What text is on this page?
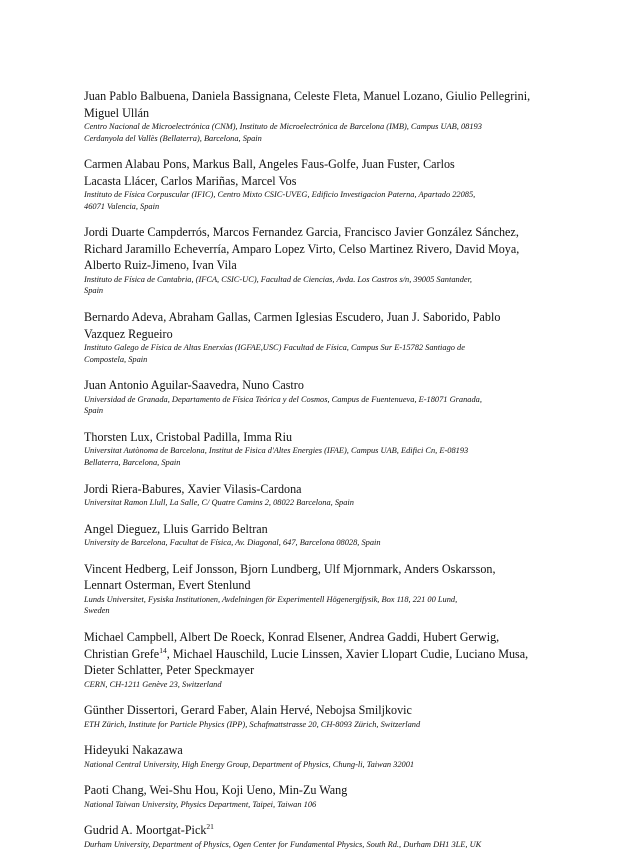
Juan Pablo Balbuena, Daniela Bassignana, Celeste Fleta, Manuel Lozano, Giulio Pellegrini,
Miguel Ullán
Centro Nacional de Microelectrónica (CNM), Instituto de Microelectrónica de Barcelona (IMB), Campus UAB, 08193
Cerdanyola del Vallès (Bellaterra), Barcelona, Spain
Carmen Alabau Pons, Markus Ball, Angeles Faus-Golfe, Juan Fuster, Carlos
Lacasta Llácer, Carlos Mariñas, Marcel Vos
Instituto de Física Corpuscular (IFIC), Centro Mixto CSIC-UVEG, Edificio Investigacion Paterna, Apartado 22085,
46071 Valencia, Spain
Jordi Duarte Campderrós, Marcos Fernandez Garcia, Francisco Javier González Sánchez,
Richard Jaramillo Echeverría, Amparo Lopez Virto, Celso Martinez Rivero, David Moya,
Alberto Ruiz-Jimeno, Ivan Vila
Instituto de Física de Cantabria, (IFCA, CSIC-UC), Facultad de Ciencias, Avda. Los Castros s/n, 39005 Santander,
Spain
Bernardo Adeva, Abraham Gallas, Carmen Iglesias Escudero, Juan J. Saborido, Pablo
Vazquez Regueiro
Instituto Galego de Física de Altas Enerxías (IGFAE,USC) Facultad de Física, Campus Sur E-15782 Santiago de
Compostela, Spain
Juan Antonio Aguilar-Saavedra, Nuno Castro
Universidad de Granada, Departamento de Física Teórica y del Cosmos, Campus de Fuentenueva, E-18071 Granada,
Spain
Thorsten Lux, Cristobal Padilla, Imma Riu
Universitat Autònoma de Barcelona, Institut de Fisica d'Altes Energies (IFAE), Campus UAB, Edifici Cn, E-08193
Bellaterra, Barcelona, Spain
Jordi Riera-Babures, Xavier Vilasis-Cardona
Universitat Ramon Llull, La Salle, C/ Quatre Camins 2, 08022 Barcelona, Spain
Angel Dieguez, Lluis Garrido Beltran
University de Barcelona, Facultat de Física, Av. Diagonal, 647, Barcelona 08028, Spain
Vincent Hedberg, Leif Jonsson, Bjorn Lundberg, Ulf Mjornmark, Anders Oskarsson,
Lennart Osterman, Evert Stenlund
Lunds Universitet, Fysiska Institutionen, Avdelningen för Experimentell Högenergifysik, Box 118, 221 00 Lund,
Sweden
Michael Campbell, Albert De Roeck, Konrad Elsener, Andrea Gaddi, Hubert Gerwig,
Christian Grefe$^{14}$, Michael Hauschild, Lucie Linssen, Xavier Llopart Cudie, Luciano Musa,
Dieter Schlatter, Peter Speckmayer
CERN, CH-1211 Genève 23, Switzerland
Günther Dissertori, Gerard Faber, Alain Hervé, Nebojsa Smiljkovic
ETH Zürich, Institute for Particle Physics (IPP), Schafmattstrasse 20, CH-8093 Zürich, Switzerland
Hideyuki Nakazawa
National Central University, High Energy Group, Department of Physics, Chung-li, Taiwan 32001
Paoti Chang, Wei-Shu Hou, Koji Ueno, Min-Zu Wang
National Taiwan University, Physics Department, Taipei, Taiwan 106
Gudrid A. Moortgat-Pick$^{21}$
Durham University, Department of Physics, Ogen Center for Fundamental Physics, South Rd., Durham DH1 3LE, UK
